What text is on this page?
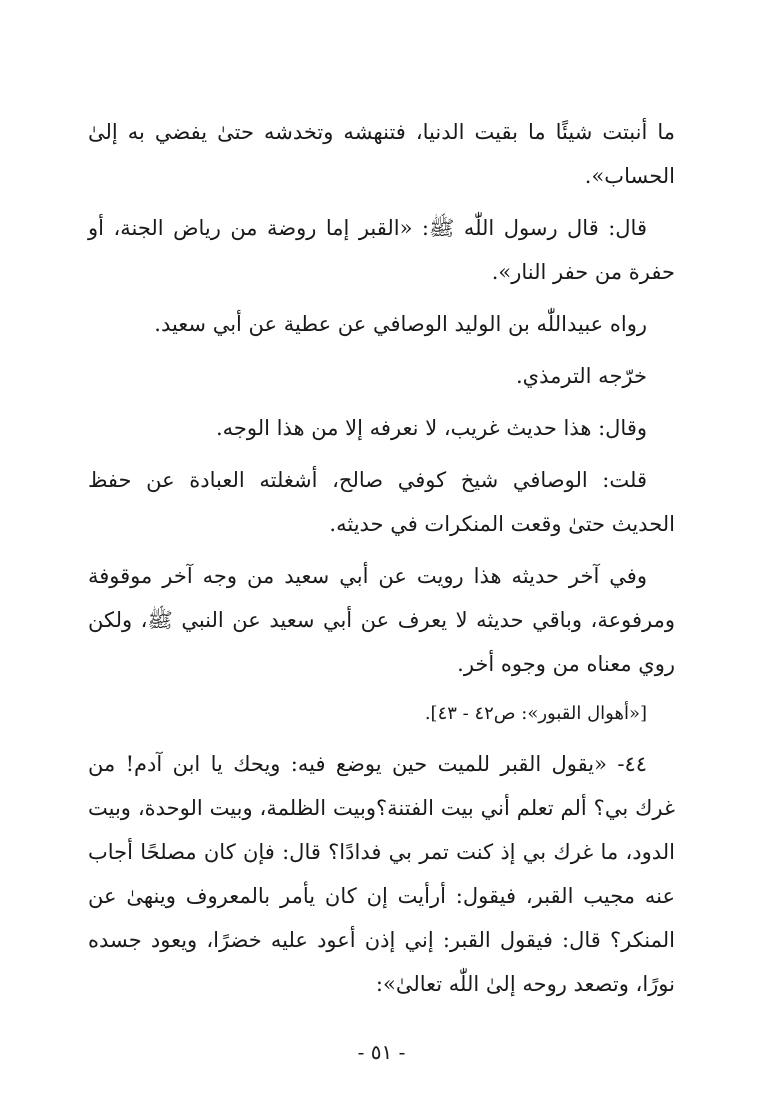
ما أنبتت شيئًا ما بقيت الدنيا، فتنهشه وتخدشه حتىٰ يفضي به إلىٰ الحساب».

قال: قال رسول اللّٰه ﷺ: «القبر إما روضة من رياض الجنة، أو حفرة من حفر النار».

رواه عبيداللّٰه بن الوليد الوصافي عن عطية عن أبي سعيد.

خرّجه الترمذي.

وقال: هذا حديث غريب، لا نعرفه إلا من هذا الوجه.

قلت: الوصافي شيخ كوفي صالح، أشغلته العبادة عن حفظ الحديث حتىٰ وقعت المنكرات في حديثه.

وفي آخر حديثه هذا رويت عن أبي سعيد من وجه آخر موقوفة ومرفوعة، وباقي حديثه لا يعرف عن أبي سعيد عن النبي ﷺ، ولكن روي معناه من وجوه أخر.

[«أهوال القبور»: ص٤٢ - ٤٣].

٤٤- «يقول القبر للميت حين يوضع فيه: ويحك يا ابن آدم! من غرك بي؟ ألم تعلم أني بيت الفتنة؟وبيت الظلمة، وبيت الوحدة، وبيت الدود، ما غرك بي إذ كنت تمر بي فدادًا؟ قال: فإن كان مصلحًا أجاب عنه مجيب القبر، فيقول: أرأيت إن كان يأمر بالمعروف وينهىٰ عن المنكر؟ قال: فيقول القبر: إني إذن أعود عليه خضرًا، ويعود جسده نورًا، وتصعد روحه إلىٰ اللّٰه تعالىٰ»:

- ٥١ -
